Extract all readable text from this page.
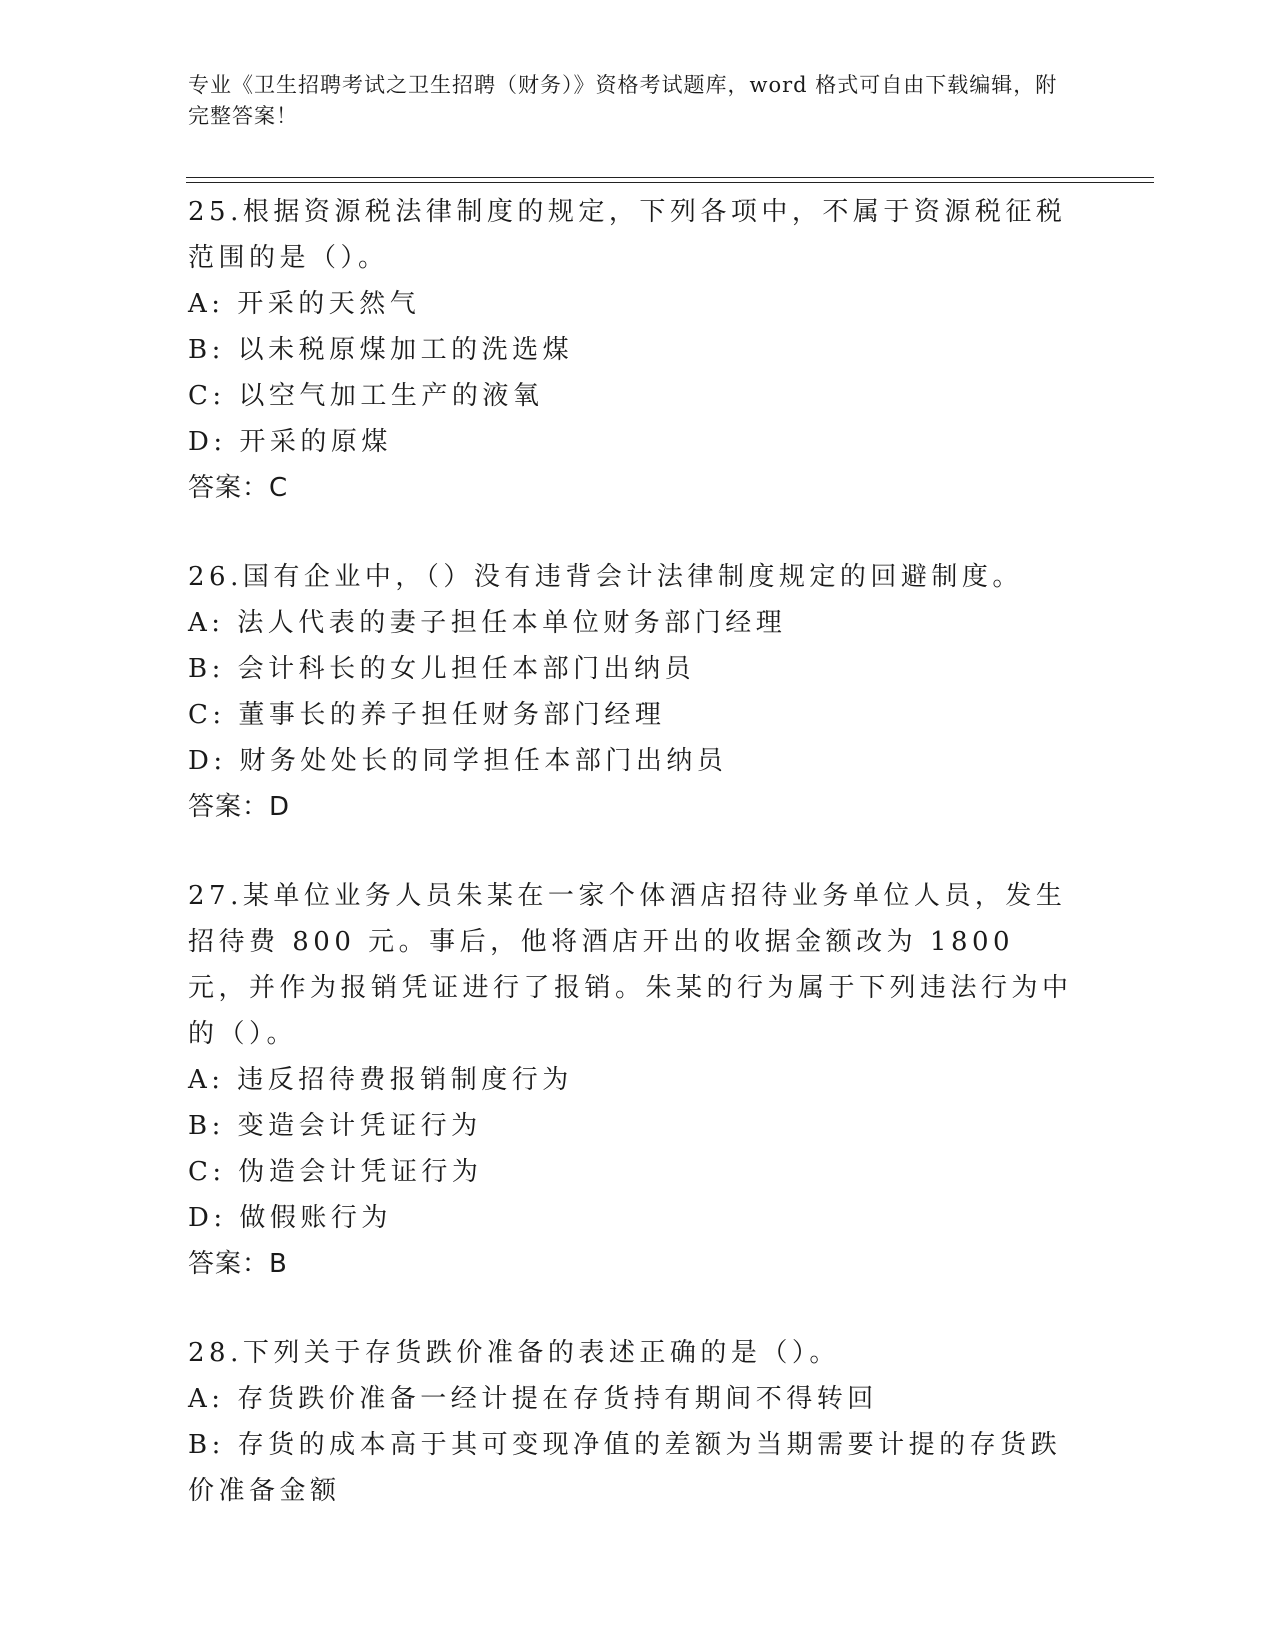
专业《卫生招聘考试之卫生招聘（财务）》资格考试题库，word 格式可自由下载编辑，附完整答案！
25.根据资源税法律制度的规定，下列各项中，不属于资源税征税范围的是（）。
A: 开采的天然气
B: 以未税原煤加工的洗选煤
C: 以空气加工生产的液氧
D: 开采的原煤
答案：C
26.国有企业中，（）没有违背会计法律制度规定的回避制度。
A: 法人代表的妻子担任本单位财务部门经理
B: 会计科长的女儿担任本部门出纳员
C: 董事长的养子担任财务部门经理
D: 财务处处长的同学担任本部门出纳员
答案：D
27.某单位业务人员朱某在一家个体酒店招待业务单位人员，发生招待费 800 元。事后，他将酒店开出的收据金额改为 1800 元，并作为报销凭证进行了报销。朱某的行为属于下列违法行为中的（）。
A: 违反招待费报销制度行为
B: 变造会计凭证行为
C: 伪造会计凭证行为
D: 做假账行为
答案：B
28.下列关于存货跌价准备的表述正确的是（）。
A: 存货跌价准备一经计提在存货持有期间不得转回
B: 存货的成本高于其可变现净值的差额为当期需要计提的存货跌价准备金额
